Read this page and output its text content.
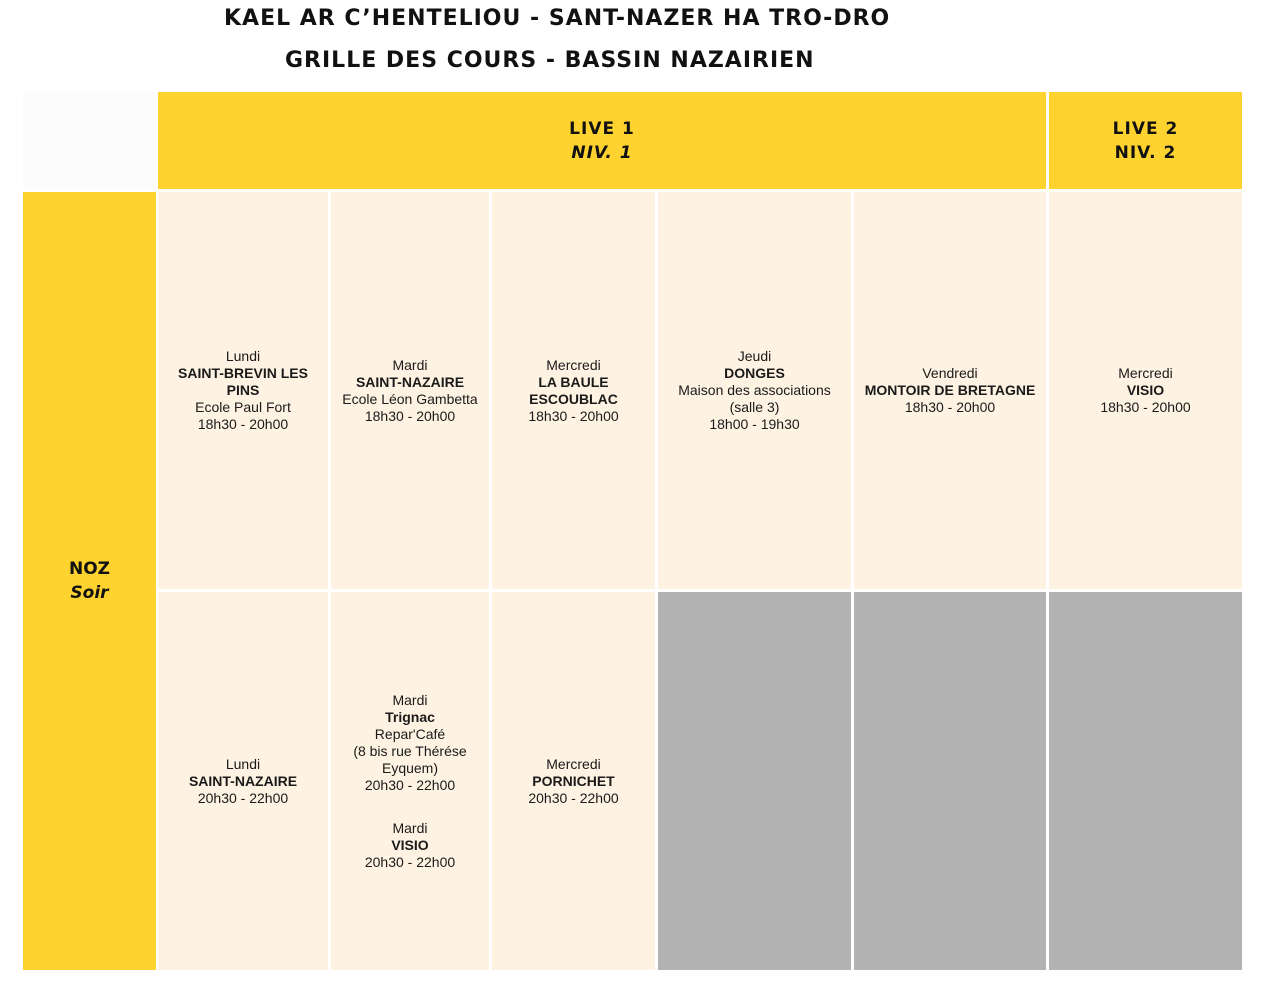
KAEL AR C’HENTELIOU - SANT-NAZER HA TRO-DRO
GRILLE DES COURS - BASSIN NAZAIRIEN
LIVE 1
NIV. 1
LIVE 2
NIV. 2
NOZ
Soir
Lundi
SAINT-BREVIN LES PINS
Ecole Paul Fort
18h30 - 20h00
Mardi
SAINT-NAZAIRE
Ecole Léon Gambetta
18h30 - 20h00
Mercredi
LA BAULE ESCOUBLAC
18h30 - 20h00
Jeudi
DONGES
Maison des associations (salle 3)
18h00 - 19h30
Vendredi
MONTOIR DE BRETAGNE
18h30 - 20h00
Mercredi
VISIO
18h30 - 20h00
Lundi
SAINT-NAZAIRE
20h30 - 22h00
Mardi
Trignac
Repar'Café
(8 bis rue Thérése Eyquem)
20h30 - 22h00
Mardi
VISIO
20h30 - 22h00
Mercredi
PORNICHET
20h30 - 22h00
